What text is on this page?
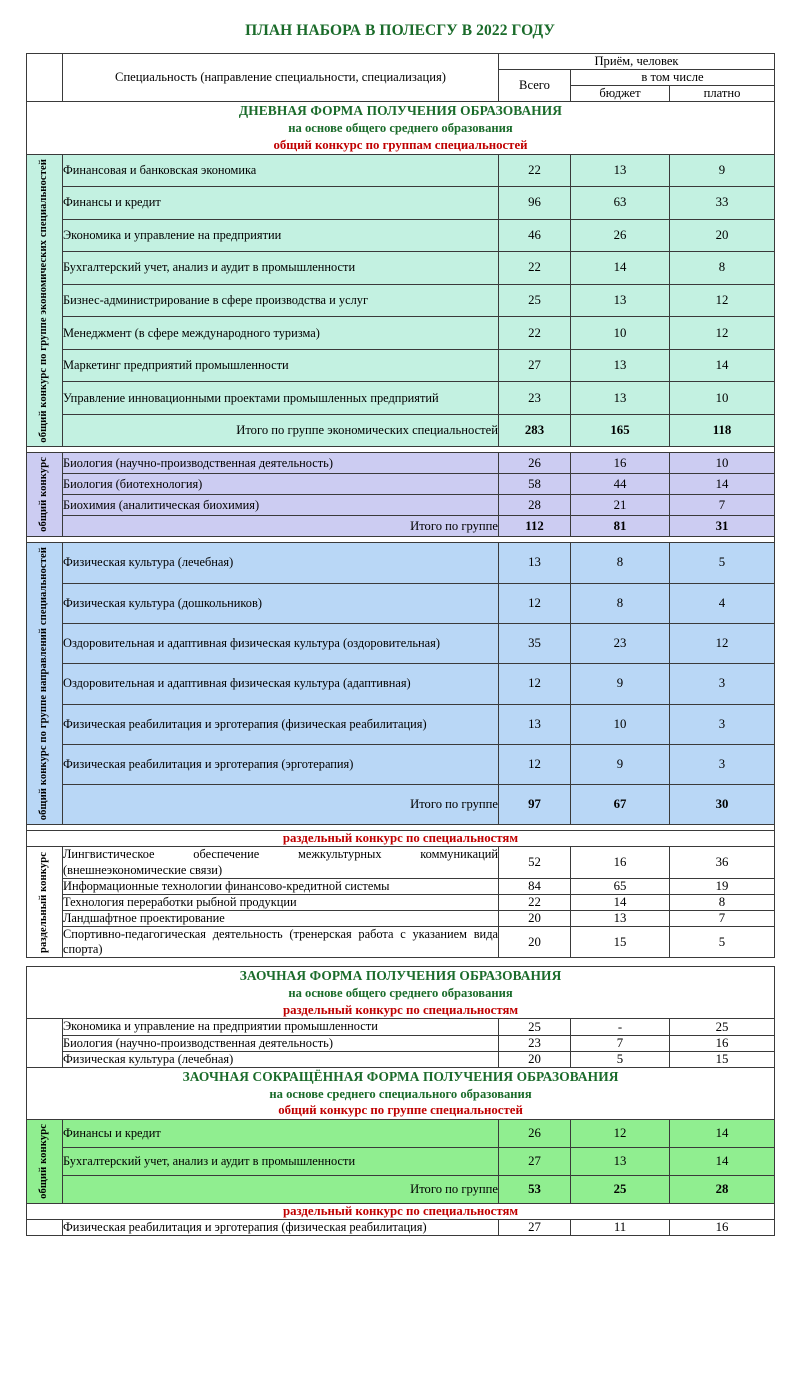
ПЛАН НАБОРА В ПОЛЕСГУ В 2022 ГОДУ
	Специальность (направление специальности, специализация)	Приём, человек		
		Всего	в том числе	
			бюджет	платно

ДНЕВНАЯ ФОРМА ПОЛУЧЕНИЯ ОБРАЗОВАНИЯ
на основе общего среднего образования
общий конкурс по группам специальностей				

общий конкурс по группе экономических специальностей	Финансовая и банковская экономика	22	13	9
	Финансы и кредит	96	63	33
	Экономика и управление на предприятии	46	26	20
	Бухгалтерский учет, анализ и аудит в промышленности	22	14	8
	Бизнес-администрирование в сфере производства и услуг	25	13	12
	Менеджмент (в сфере международного туризма)	22	10	12
	Маркетинг предприятий промышленности	27	13	14
	Управление инновационными проектами промышленных предприятий	23	13	10
	Итого по группе экономических специальностей	283	165	118

общий конкурс	Биология (научно-производственная деятельность)	26	16	10
	Биология (биотехнология)	58	44	14
	Биохимия (аналитическая биохимия)	28	21	7
	Итого по группе	112	81	31

общий конкурс по группе направлений специальностей	Физическая культура (лечебная)	13	8	5
	Физическая культура (дошкольников)	12	8	4
	Оздоровительная и адаптивная физическая культура (оздоровительная)	35	23	12
	Оздоровительная и адаптивная физическая культура (адаптивная)	12	9	3
	Физическая реабилитация и эрготерапия (физическая реабилитация)	13	10	3
	Физическая реабилитация и эрготерапия (эрготерапия)	12	9	3
	Итого по группе	97	67	30

раздельный конкурс по специальностям				

раздельный конкурс	Лингвистическое обеспечение межкультурных коммуникаций (внешнеэкономические связи)	52	16	36
	Информационные технологии финансово-кредитной системы	84	65	19
	Технология переработки рыбной продукции	22	14	8
	Ландшафтное проектирование	20	13	7
	Спортивно-педагогическая деятельность (тренерская работа с указанием вида спорта)	20	15	5
ЗАОЧНАЯ ФОРМА ПОЛУЧЕНИЯ ОБРАЗОВАНИЯ
на основе общего среднего образования
раздельный конкурс по специальностям				

	Экономика и управление на предприятии промышленности	25	-	25
	Биология (научно-производственная деятельность)	23	7	16
	Физическая культура (лечебная)	20	5	15

ЗАОЧНАЯ СОКРАЩЁННАЯ ФОРМА ПОЛУЧЕНИЯ ОБРАЗОВАНИЯ
на основе среднего специального образования
общий конкурс по группе специальностей				

общий конкурс	Финансы и кредит	26	12	14
	Бухгалтерский учет, анализ и аудит в промышленности	27	13	14
	Итого по группе	53	25	28

раздельный конкурс по специальностям				

	Физическая реабилитация и эрготерапия (физическая реабилитация)	27	11	16
